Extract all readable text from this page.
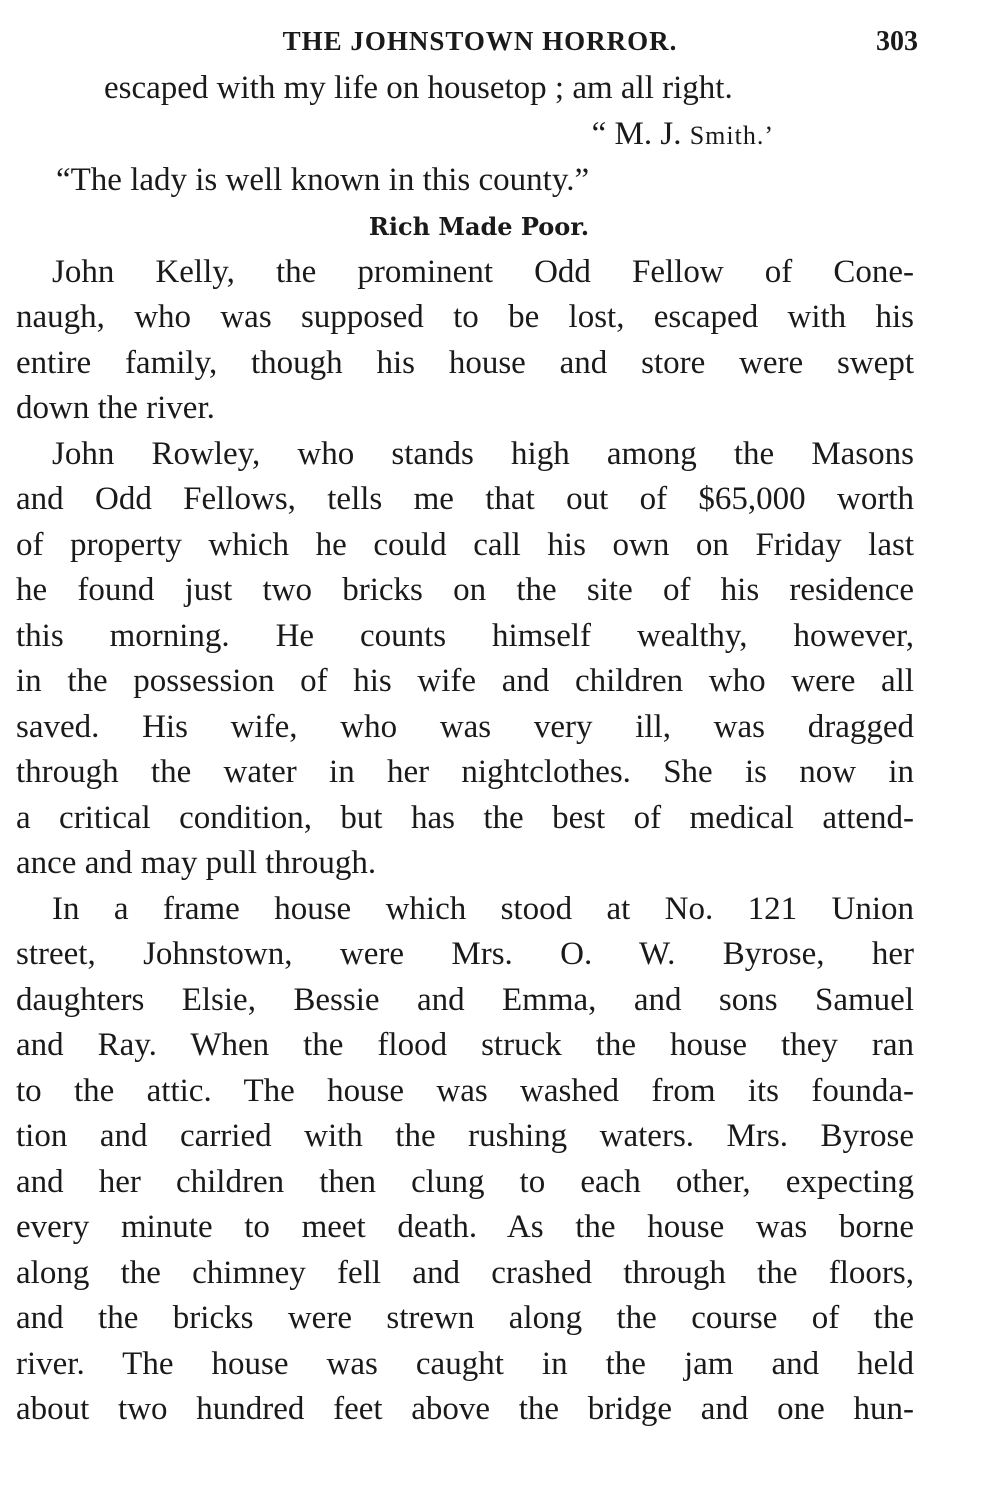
THE JOHNSTOWN HORROR.	303
escaped with my life on housetop ; am all right.
“ M. J. Smith.’
“The lady is well known in this county.”
Rich Made Poor.
John Kelly, the prominent Odd Fellow of Cone-
naugh, who was supposed to be lost, escaped with his
entire family, though his house and store were swept
down the river.
John Rowley, who stands high among the Masons
and Odd Fellows, tells me that out of $65,000 worth
of property which he could call his own on Friday last
he found just two bricks on the site of his residence
this morning. He counts himself wealthy, however,
in the possession of his wife and children who were all
saved. His wife, who was very ill, was dragged
through the water in her nightclothes. She is now in
a critical condition, but has the best of medical attend-
ance and may pull through.
In a frame house which stood at No. 121 Union
street, Johnstown, were Mrs. O. W. Byrose, her
daughters Elsie, Bessie and Emma, and sons Samuel
and Ray. When the flood struck the house they ran
to the attic. The house was washed from its founda-
tion and carried with the rushing waters. Mrs. Byrose
and her children then clung to each other, expecting
every minute to meet death. As the house was borne
along the chimney fell and crashed through the floors,
and the bricks were strewn along the course of the
river. The house was caught in the jam and held
about two hundred feet above the bridge and one hun-
